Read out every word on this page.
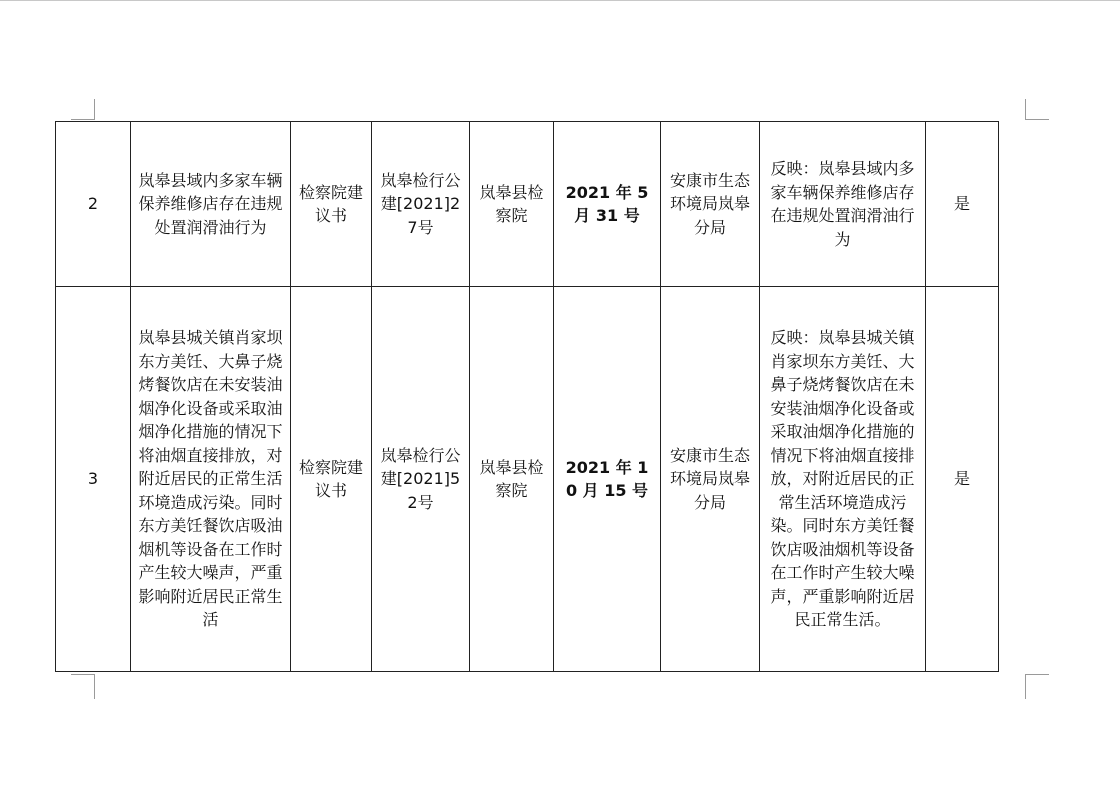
2	岚皋县域内多家车辆保养维修店存在违规处置润滑油行为	检察院建议书	岚皋检行公建[2021]27号	岚皋县检察院	2021 年 5 月 31 号	安康市生态环境局岚皋分局	反映：岚皋县域内多家车辆保养维修店存在违规处置润滑油行为	是
3	岚皋县城关镇肖家坝东方美饪、大鼻子烧烤餐饮店在未安装油烟净化设备或采取油烟净化措施的情况下将油烟直接排放，对附近居民的正常生活环境造成污染。同时东方美饪餐饮店吸油烟机等设备在工作时产生较大噪声，严重影响附近居民正常生活	检察院建议书	岚皋检行公建[2021]52号	岚皋县检察院	2021 年 10 月 15 号	安康市生态环境局岚皋分局	反映：岚皋县城关镇肖家坝东方美饪、大鼻子烧烤餐饮店在未安装油烟净化设备或采取油烟净化措施的情况下将油烟直接排放，对附近居民的正常生活环境造成污染。同时东方美饪餐饮店吸油烟机等设备在工作时产生较大噪声，严重影响附近居民正常生活。	是
